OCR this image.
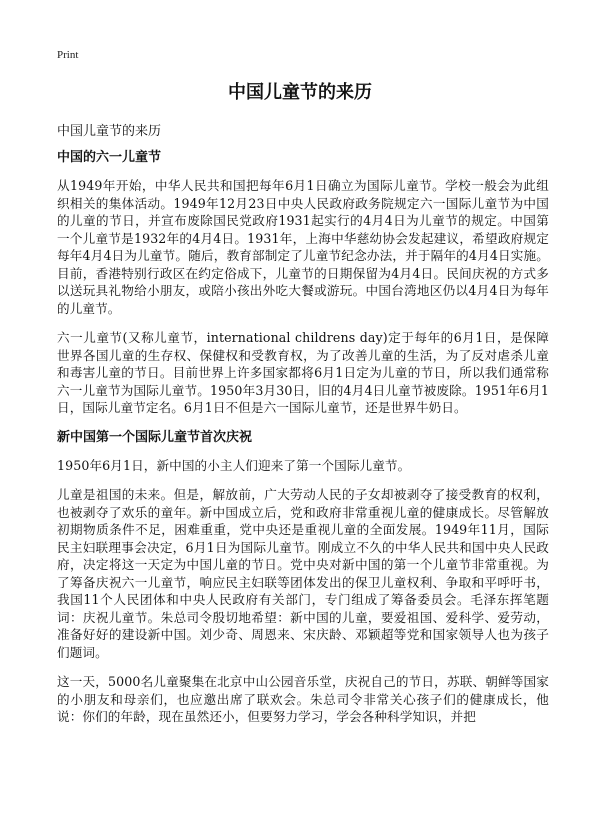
Print
中国儿童节的来历
中国儿童节的来历
中国的六一儿童节

从1949年开始，中华人民共和国把每年6月1日确立为国际儿童节。学校一般会为此组织相关的集体活动。1949年12月23日中央人民政府政务院规定六一国际儿童节为中国的儿童的节日，并宣布废除国民党政府1931起实行的4月4日为儿童节的规定。中国第一个儿童节是1932年的4月4日。1931年，上海中华慈幼协会发起建议，希望政府规定每年4月4日为儿童节。随后，教育部制定了儿童节纪念办法，并于隔年的4月4日实施。目前，香港特别行政区在约定俗成下，儿童节的日期保留为4月4日。民间庆祝的方式多以送玩具礼物给小朋友，或陪小孩出外吃大餐或游玩。中国台湾地区仍以4月4日为每年的儿童节。

六一儿童节(又称儿童节，international childrens day)定于每年的6月1日，是保障世界各国儿童的生存权、保健权和受教育权，为了改善儿童的生活，为了反对虐杀儿童和毒害儿童的节日。目前世界上许多国家都将6月1日定为儿童的节日，所以我们通常称六一儿童节为国际儿童节。1950年3月30日，旧的4月4日儿童节被废除。1951年6月1日，国际儿童节定名。6月1日不但是六一国际儿童节，还是世界牛奶日。

新中国第一个国际儿童节首次庆祝

1950年6月1日，新中国的小主人们迎来了第一个国际儿童节。

儿童是祖国的未来。但是，解放前，广大劳动人民的子女却被剥夺了接受教育的权利，也被剥夺了欢乐的童年。新中国成立后，党和政府非常重视儿童的健康成长。尽管解放初期物质条件不足，困难重重，党中央还是重视儿童的全面发展。1949年11月，国际民主妇联理事会决定，6月1日为国际儿童节。刚成立不久的中华人民共和国中央人民政府，决定将这一天定为中国儿童的节日。党中央对新中国的第一个儿童节非常重视。为了筹备庆祝六一儿童节，响应民主妇联等团体发出的保卫儿童权利、争取和平呼吁书，我国11个人民团体和中央人民政府有关部门，专门组成了筹备委员会。毛泽东挥笔题词：庆祝儿童节。朱总司令殷切地希望：新中国的儿童，要爱祖国、爱科学、爱劳动，准备好好的建设新中国。刘少奇、周恩来、宋庆龄、邓颖超等党和国家领导人也为孩子们题词。

这一天，5000名儿童聚集在北京中山公园音乐堂，庆祝自己的节日，苏联、朝鲜等国家的小朋友和母亲们，也应邀出席了联欢会。朱总司令非常关心孩子们的健康成长，他说：你们的年龄，现在虽然还小，但要努力学习，学会各种科学知识，并把
